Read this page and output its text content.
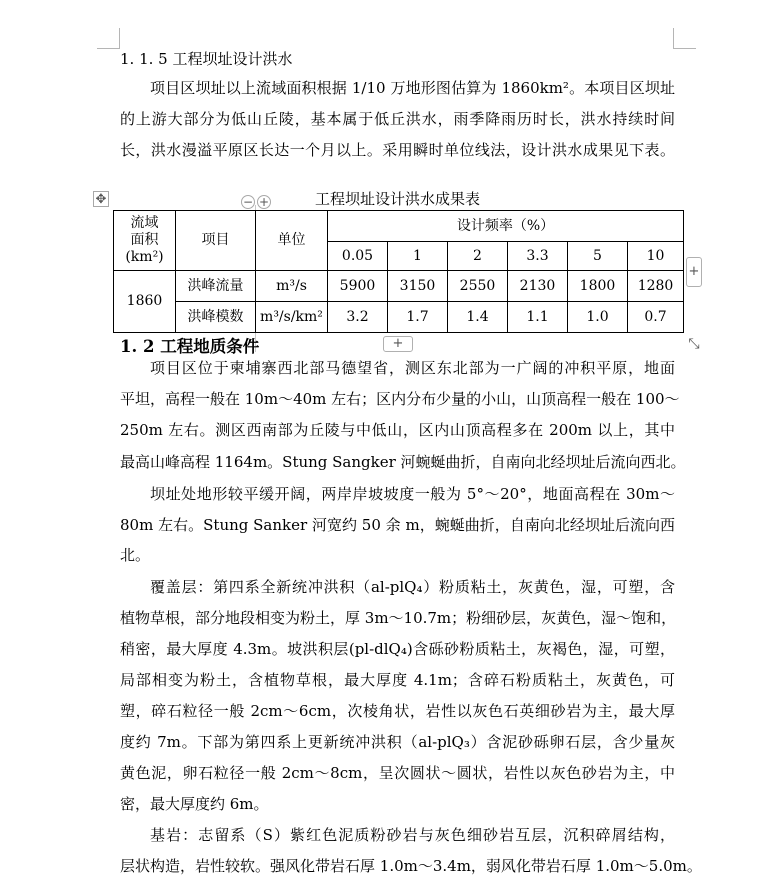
1. 1. 5 工程坝址设计洪水
项目区坝址以上流域面积根据 1/10 万地形图估算为 1860km²。本项目区坝址
的上游大部分为低山丘陵，基本属于低丘洪水，雨季降雨历时长，洪水持续时间
长，洪水漫溢平原区长达一个月以上。采用瞬时单位线法，设计洪水成果见下表。
✥	− +	工程坝址设计洪水成果表
流域
面积
(km²)	项目	单位	设计频率（%）					
			0.05	1	2	3.3	5	10
1860	洪峰流量	m³/s	5900	3150	2550	2130	1800	1280
	洪峰模数	m³/s/km²	3.2	1.7	1.4	1.1	1.0	0.7
+
+	⤡
1. 2 工程地质条件
项目区位于柬埔寨西北部马德望省，测区东北部为一广阔的冲积平原，地面
平坦，高程一般在 10m～40m 左右；区内分布少量的小山，山顶高程一般在 100～
250m 左右。测区西南部为丘陵与中低山，区内山顶高程多在 200m 以上，其中
最高山峰高程 1164m。Stung Sangker 河蜿蜒曲折，自南向北经坝址后流向西北。
坝址处地形较平缓开阔，两岸岸坡坡度一般为 5°～20°，地面高程在 30m～
80m 左右。Stung Sanker 河宽约 50 余 m，蜿蜒曲折，自南向北经坝址后流向西
北。
覆盖层：第四系全新统冲洪积（al-plQ₄）粉质粘土，灰黄色，湿，可塑，含
植物草根，部分地段相变为粉土，厚 3m～10.7m；粉细砂层，灰黄色，湿～饱和，
稍密，最大厚度 4.3m。坡洪积层(pl-dlQ₄)含砾砂粉质粘土，灰褐色，湿，可塑，
局部相变为粉土，含植物草根，最大厚度 4.1m；含碎石粉质粘土，灰黄色，可
塑，碎石粒径一般 2cm～6cm，次棱角状，岩性以灰色石英细砂岩为主，最大厚
度约 7m。下部为第四系上更新统冲洪积（al-plQ₃）含泥砂砾卵石层，含少量灰
黄色泥，卵石粒径一般 2cm～8cm，呈次圆状～圆状，岩性以灰色砂岩为主，中
密，最大厚度约 6m。
基岩：志留系（S）紫红色泥质粉砂岩与灰色细砂岩互层，沉积碎屑结构，
层状构造，岩性较软。强风化带岩石厚 1.0m～3.4m，弱风化带岩石厚 1.0m～5.0m。
